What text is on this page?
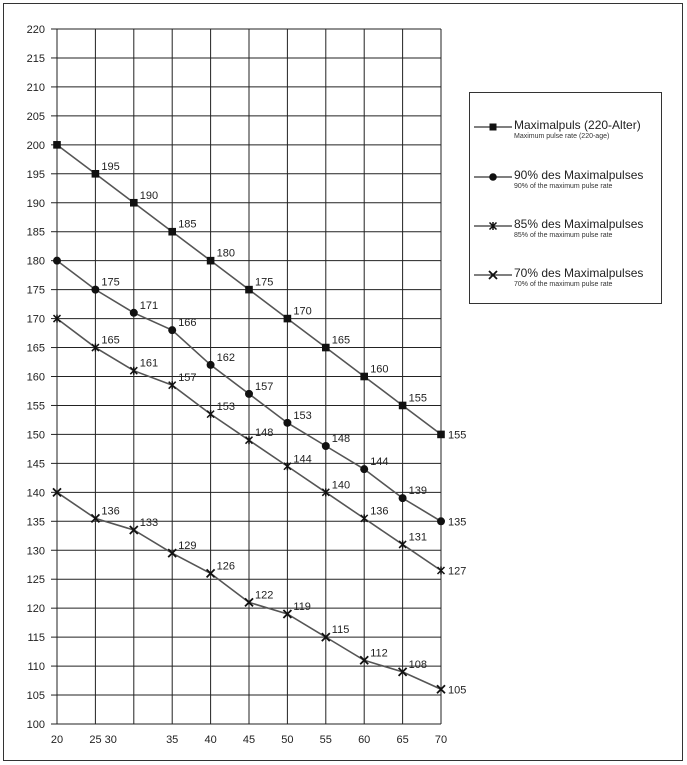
100
105
110
115
120
125
130
135
140
145
150
155
160
165
170
175
180
185
190
195
200
205
210
215
220
20 25 30	35 40 45 50 55 60 65 70
195
190
185
180
175
170
165
160
155
155
175
171
166
162
157
153
148
144
139
135
165
161
157
153
148
144
140
136
131
127
136
133
129
126
122
119
115
112
108
105
Maximalpuls (220-Alter)
Maximum pulse rate (220-age)
90% des Maximalpulses
90% of the maximum pulse rate
85% des Maximalpulses
85% of the maximum pulse rate
70% des Maximalpulses
70% of the maximum pulse rate
